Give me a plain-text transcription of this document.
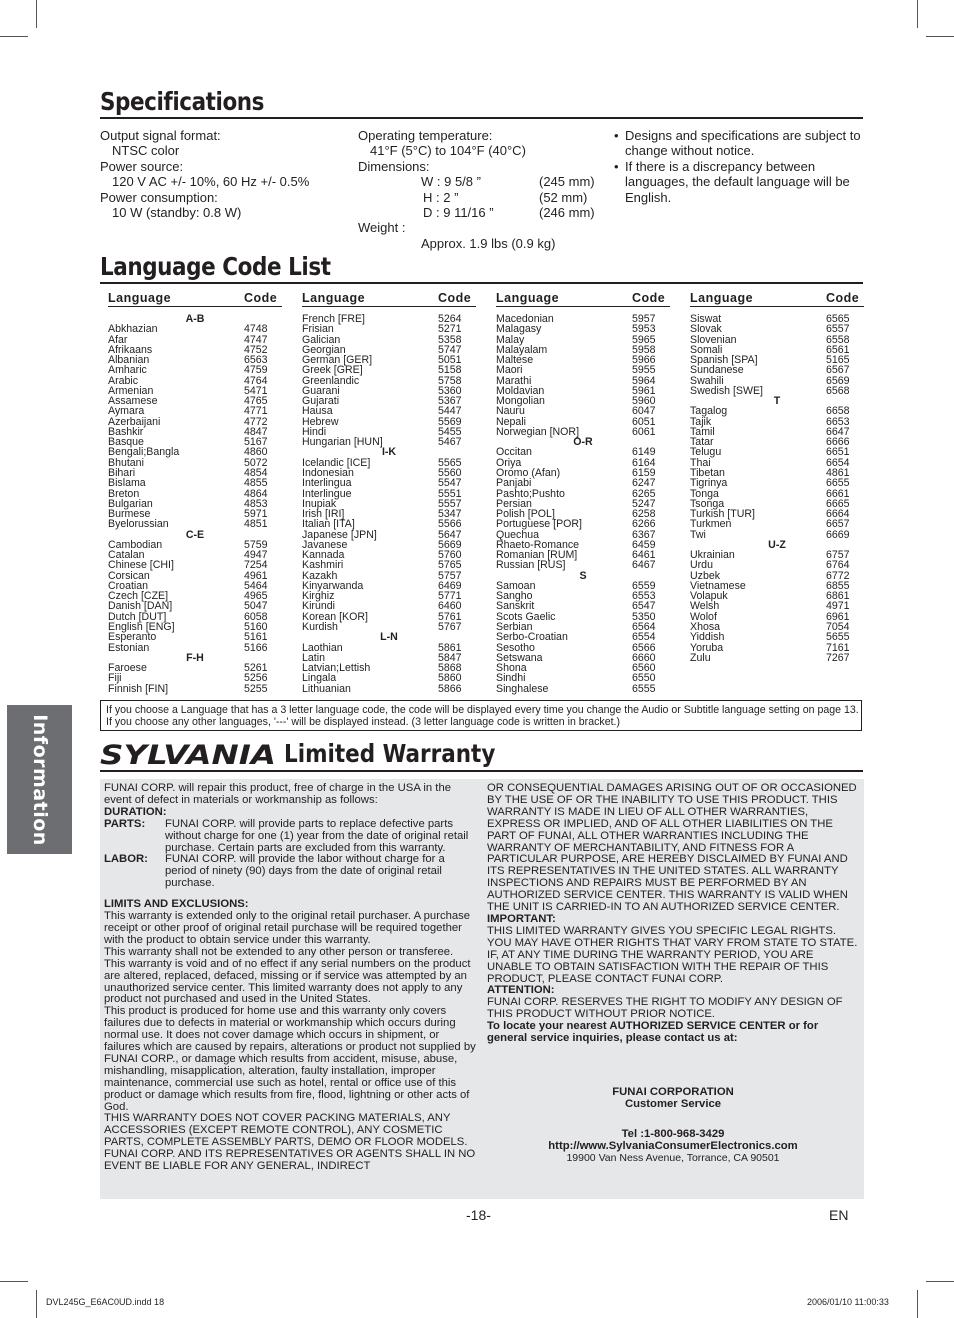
Specifications
Output signal format:
NTSC color
Power source:
120 V AC +/- 10%, 60 Hz +/- 0.5%
Power consumption:
10 W (standby: 0.8 W)
Operating temperature:
41°F (5°C) to 104°F (40°C)
Dimensions:
W : 9 5/8 ”	(245 mm)
H : 2 ”	(52 mm)
D : 9 11/16 ”	(246 mm)
Weight :
Approx. 1.9 lbs (0.9 kg)
• Designs and specifications are subject to change without notice.
• If there is a discrepancy between languages, the default language will be English.
Language Code List
Language	Code
A-B
Abkhazian	4748
Afar	4747
Afrikaans	4752
Albanian	6563
Amharic	4759
Arabic	4764
Armenian	5471
Assamese	4765
Aymara	4771
Azerbaijani	4772
Bashkir	4847
Basque	5167
Bengali;Bangla	4860
Bhutani	5072
Bihari	4854
Bislama	4855
Breton	4864
Bulgarian	4853
Burmese	5971
Byelorussian	4851
C-E
Cambodian	5759
Catalan	4947
Chinese [CHI]	7254
Corsican	4961
Croatian	5464
Czech [CZE]	4965
Danish [DAN]	5047
Dutch [DUT]	6058
English [ENG]	5160
Esperanto	5161
Estonian	5166
F-H
Faroese	5261
Fiji	5256
Finnish [FIN]	5255
Language	Code
French [FRE]	5264
Frisian	5271
Galician	5358
Georgian	5747
German [GER]	5051
Greek [GRE]	5158
Greenlandic	5758
Guarani	5360
Gujarati	5367
Hausa	5447
Hebrew	5569
Hindi	5455
Hungarian [HUN]	5467
I-K
Icelandic [ICE]	5565
Indonesian	5560
Interlingua	5547
Interlingue	5551
Inupiak	5557
Irish [IRI]	5347
Italian [ITA]	5566
Japanese [JPN]	5647
Javanese	5669
Kannada	5760
Kashmiri	5765
Kazakh	5757
Kinyarwanda	6469
Kirghiz	5771
Kirundi	6460
Korean [KOR]	5761
Kurdish	5767
L-N
Laothian	5861
Latin	5847
Latvian;Lettish	5868
Lingala	5860
Lithuanian	5866
Language	Code
Macedonian	5957
Malagasy	5953
Malay	5965
Malayalam	5958
Maltese	5966
Maori	5955
Marathi	5964
Moldavian	5961
Mongolian	5960
Nauru	6047
Nepali	6051
Norwegian [NOR]	6061
O-R
Occitan	6149
Oriya	6164
Oromo (Afan)	6159
Panjabi	6247
Pashto;Pushto	6265
Persian	5247
Polish [POL]	6258
Portuguese [POR]	6266
Quechua	6367
Rhaeto-Romance	6459
Romanian [RUM]	6461
Russian [RUS]	6467
S
Samoan	6559
Sangho	6553
Sanskrit	6547
Scots Gaelic	5350
Serbian	6564
Serbo-Croatian	6554
Sesotho	6566
Setswana	6660
Shona	6560
Sindhi	6550
Singhalese	6555
Language	Code
Siswat	6565
Slovak	6557
Slovenian	6558
Somali	6561
Spanish [SPA]	5165
Sundanese	6567
Swahili	6569
Swedish [SWE]	6568
T
Tagalog	6658
Tajik	6653
Tamil	6647
Tatar	6666
Telugu	6651
Thai	6654
Tibetan	4861
Tigrinya	6655
Tonga	6661
Tsonga	6665
Turkish [TUR]	6664
Turkmen	6657
Twi	6669
U-Z
Ukrainian	6757
Urdu	6764
Uzbek	6772
Vietnamese	6855
Volapuk	6861
Welsh	4971
Wolof	6961
Xhosa	7054
Yiddish	5655
Yoruba	7161
Zulu	7267
If you choose a Language that has a 3 letter language code, the code will be displayed every time you change the Audio or Subtitle language setting on page 13. If you choose any other languages, '---' will be displayed instead. (3 letter language code is written in bracket.)
Information SYLVANIA Limited Warranty
FUNAI CORP. will repair this product, free of charge in the USA in the event of defect in materials or workmanship as follows:
DURATION:
PARTS: FUNAI CORP. will provide parts to replace defective parts without charge for one (1) year from the date of original retail purchase. Certain parts are excluded from this warranty.
LABOR: FUNAI CORP. will provide the labor without charge for a period of ninety (90) days from the date of original retail purchase.
LIMITS AND EXCLUSIONS:
This warranty is extended only to the original retail purchaser. A purchase receipt or other proof of original retail purchase will be required together with the product to obtain service under this warranty.
This warranty shall not be extended to any other person or transferee.
This warranty is void and of no effect if any serial numbers on the product are altered, replaced, defaced, missing or if service was attempted by an unauthorized service center. This limited warranty does not apply to any product not purchased and used in the United States.
This product is produced for home use and this warranty only covers failures due to defects in material or workmanship which occurs during normal use. It does not cover damage which occurs in shipment, or failures which are caused by repairs, alterations or product not supplied by FUNAI CORP., or damage which results from accident, misuse, abuse, mishandling, misapplication, alteration, faulty installation, improper maintenance, commercial use such as hotel, rental or office use of this product or damage which results from fire, flood, lightning or other acts of God.
THIS WARRANTY DOES NOT COVER PACKING MATERIALS, ANY ACCESSORIES (EXCEPT REMOTE CONTROL), ANY COSMETIC PARTS, COMPLETE ASSEMBLY PARTS, DEMO OR FLOOR MODELS. FUNAI CORP. AND ITS REPRESENTATIVES OR AGENTS SHALL IN NO EVENT BE LIABLE FOR ANY GENERAL, INDIRECT
OR CONSEQUENTIAL DAMAGES ARISING OUT OF OR OCCASIONED BY THE USE OF OR THE INABILITY TO USE THIS PRODUCT. THIS WARRANTY IS MADE IN LIEU OF ALL OTHER WARRANTIES, EXPRESS OR IMPLIED, AND OF ALL OTHER LIABILITIES ON THE PART OF FUNAI, ALL OTHER WARRANTIES INCLUDING THE WARRANTY OF MERCHANTABILITY, AND FITNESS FOR A PARTICULAR PURPOSE, ARE HEREBY DISCLAIMED BY FUNAI AND ITS REPRESENTATIVES IN THE UNITED STATES. ALL WARRANTY INSPECTIONS AND REPAIRS MUST BE PERFORMED BY AN AUTHORIZED SERVICE CENTER. THIS WARRANTY IS VALID WHEN THE UNIT IS CARRIED-IN TO AN AUTHORIZED SERVICE CENTER.
IMPORTANT:
THIS LIMITED WARRANTY GIVES YOU SPECIFIC LEGAL RIGHTS. YOU MAY HAVE OTHER RIGHTS THAT VARY FROM STATE TO STATE. IF, AT ANY TIME DURING THE WARRANTY PERIOD, YOU ARE UNABLE TO OBTAIN SATISFACTION WITH THE REPAIR OF THIS PRODUCT, PLEASE CONTACT FUNAI CORP.
ATTENTION:
FUNAI CORP. RESERVES THE RIGHT TO MODIFY ANY DESIGN OF THIS PRODUCT WITHOUT PRIOR NOTICE.
To locate your nearest AUTHORIZED SERVICE CENTER or for general service inquiries, please contact us at:
FUNAI CORPORATION
Customer Service
Tel :1-800-968-3429
http://www.SylvaniaConsumerElectronics.com
19900 Van Ness Avenue, Torrance, CA 90501
-18-	EN
DVL245G_E6AC0UD.indd 18	2006/01/10 11:00:33
